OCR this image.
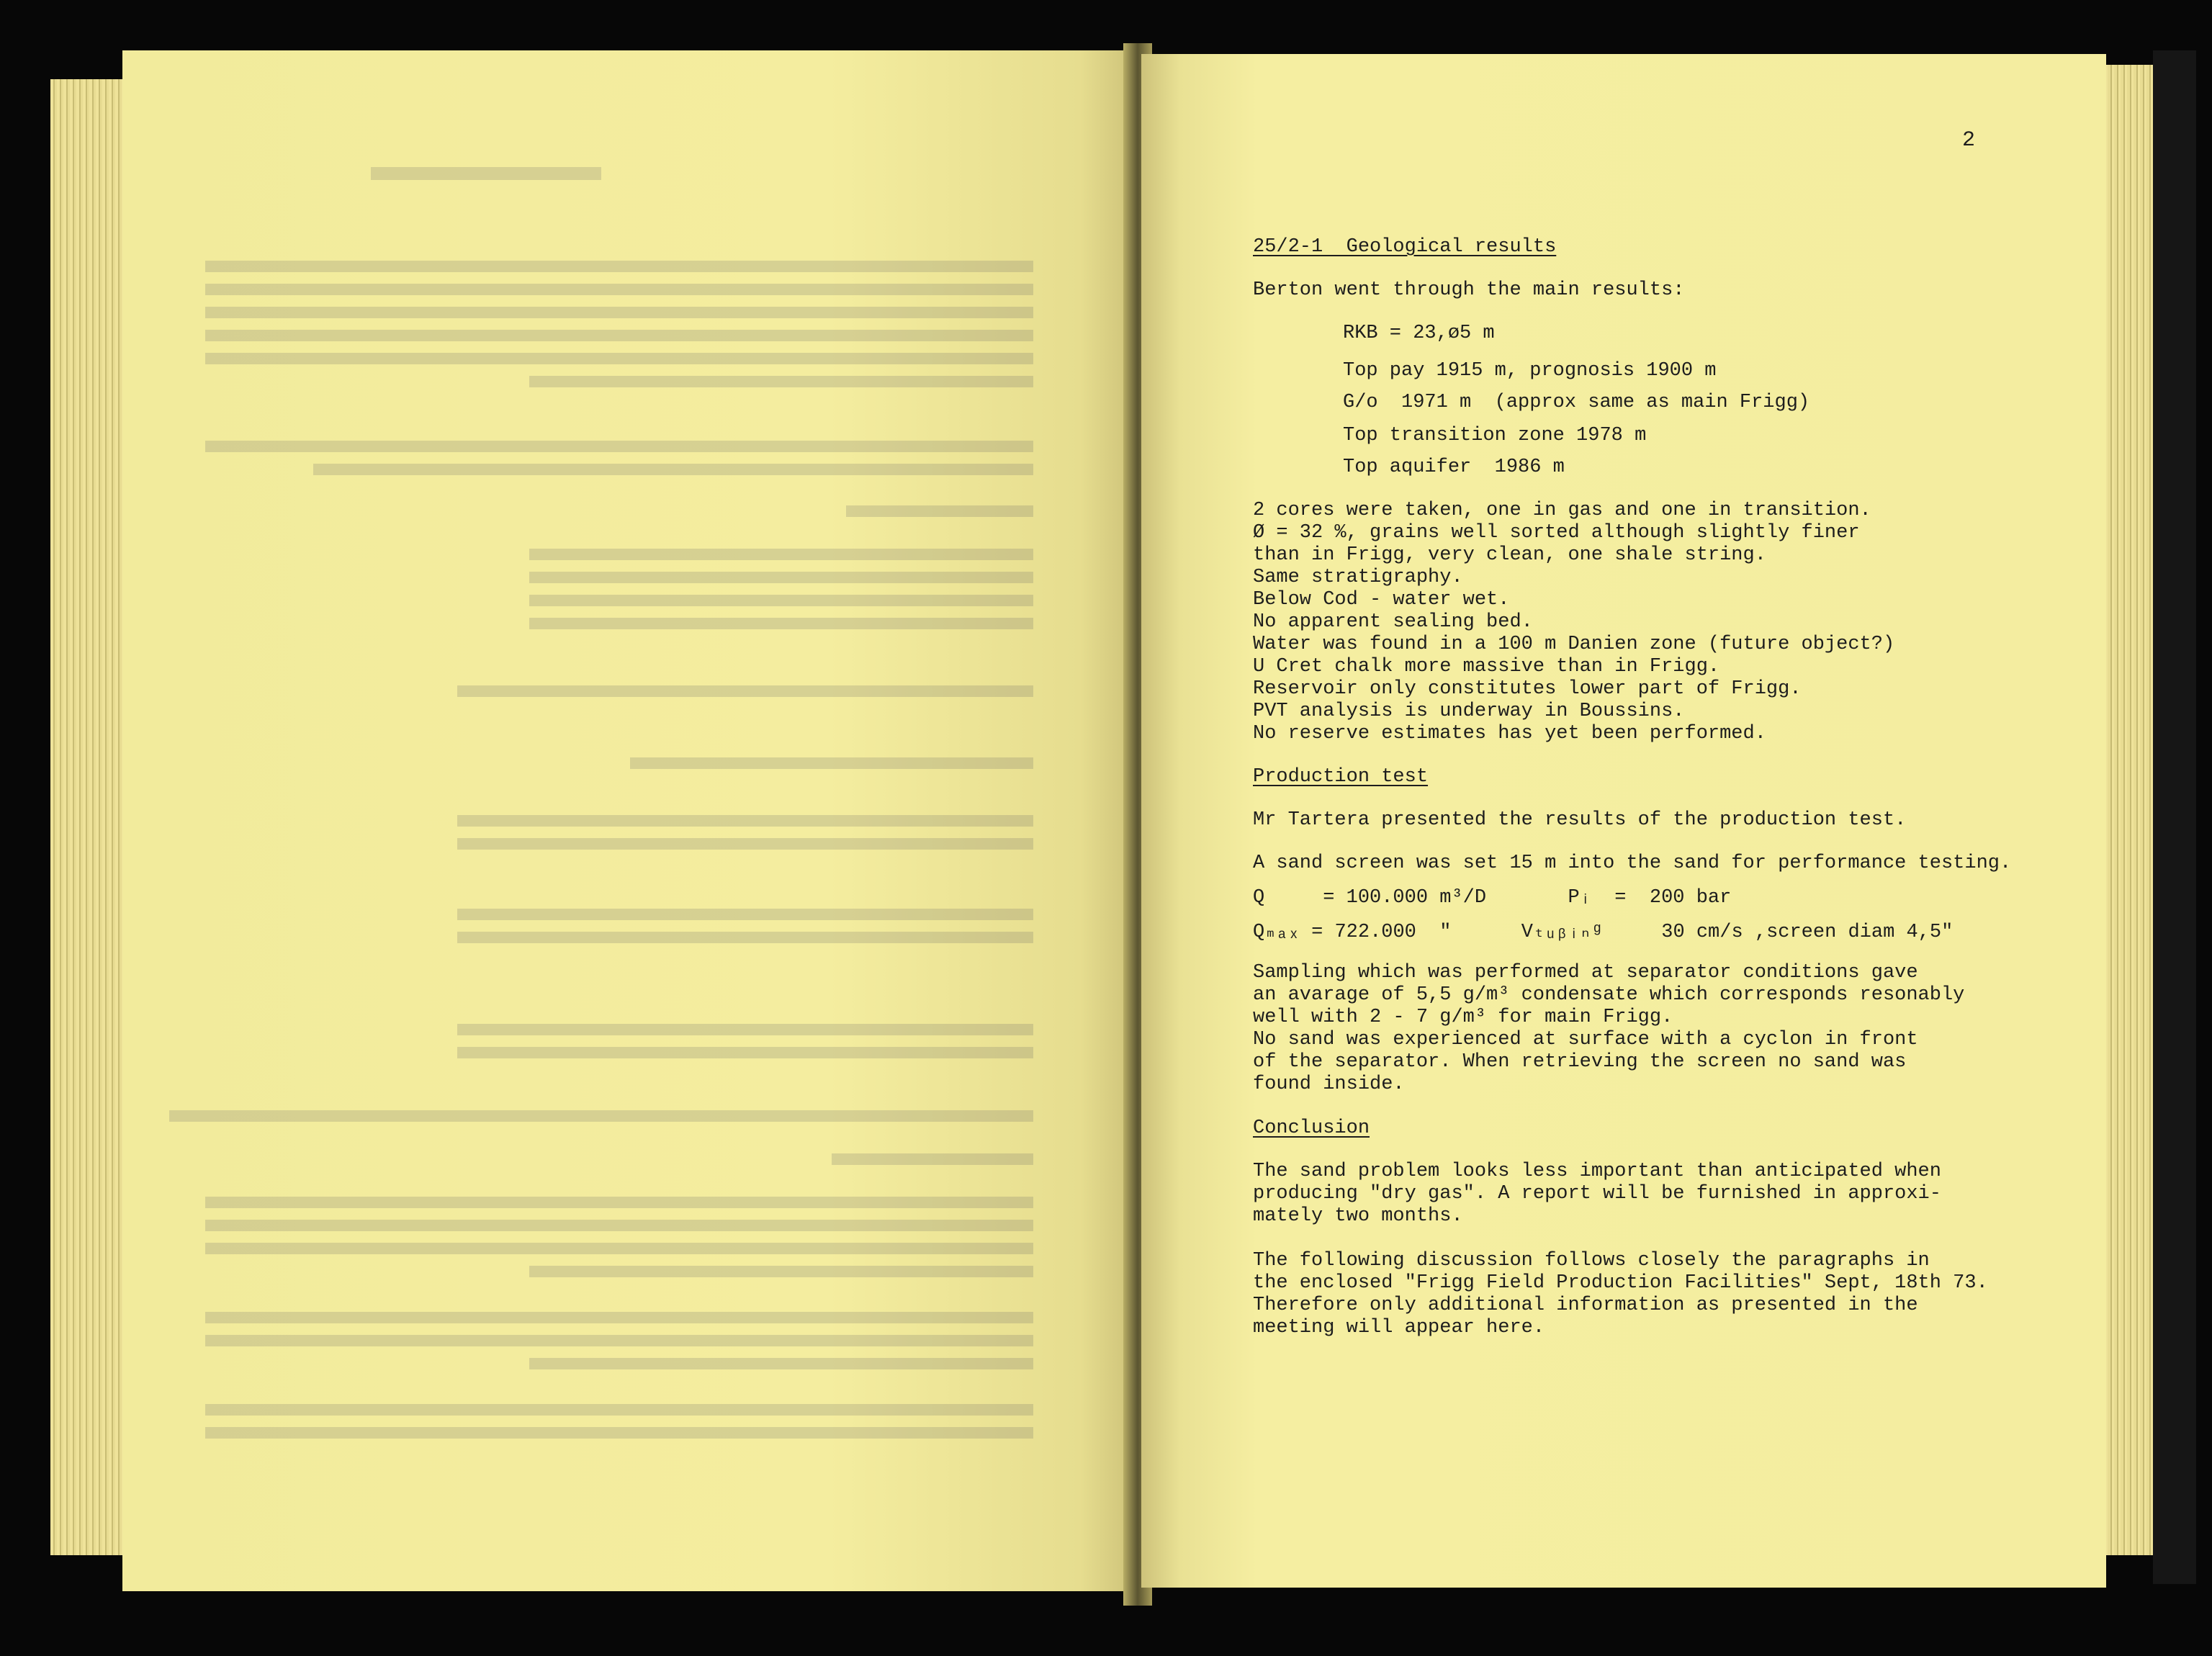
2

25/2-1  Geological results

Berton went through the main results:

RKB = 23,ø5 m

Top pay 1915 m, prognosis 1900 m

G/o  1971 m  (approx same as main Frigg)

Top transition zone 1978 m

Top aquifer  1986 m

2 cores were taken, one in gas and one in transition.

Ø = 32 %, grains well sorted although slightly finer

than in Frigg, very clean, one shale string.

Same stratigraphy.

Below Cod - water wet.

No apparent sealing bed.

Water was found in a 100 m Danien zone (future object?)

U Cret chalk more massive than in Frigg.

Reservoir only constitutes lower part of Frigg.

PVT analysis is underway in Boussins.

No reserve estimates has yet been performed.

Production test

Mr Tartera presented the results of the production test.

A sand screen was set 15 m into the sand for performance testing.

Q     = 100.000 m³/D       Pᵢ  =  200 bar

Qₘₐₓ = 722.000  "      Vₜᵤᵦᵢₙᵍ     30 cm/s ,screen diam 4,5"

Sampling which was performed at separator conditions gave

an avarage of 5,5 g/m³ condensate which corresponds resonably

well with 2 - 7 g/m³ for main Frigg.

No sand was experienced at surface with a cyclon in front

of the separator. When retrieving the screen no sand was

found inside.

Conclusion

The sand problem looks less important than anticipated when

producing "dry gas". A report will be furnished in approxi-

mately two months.

The following discussion follows closely the paragraphs in

the enclosed "Frigg Field Production Facilities" Sept, 18th 73.

Therefore only additional information as presented in the

meeting will appear here.
